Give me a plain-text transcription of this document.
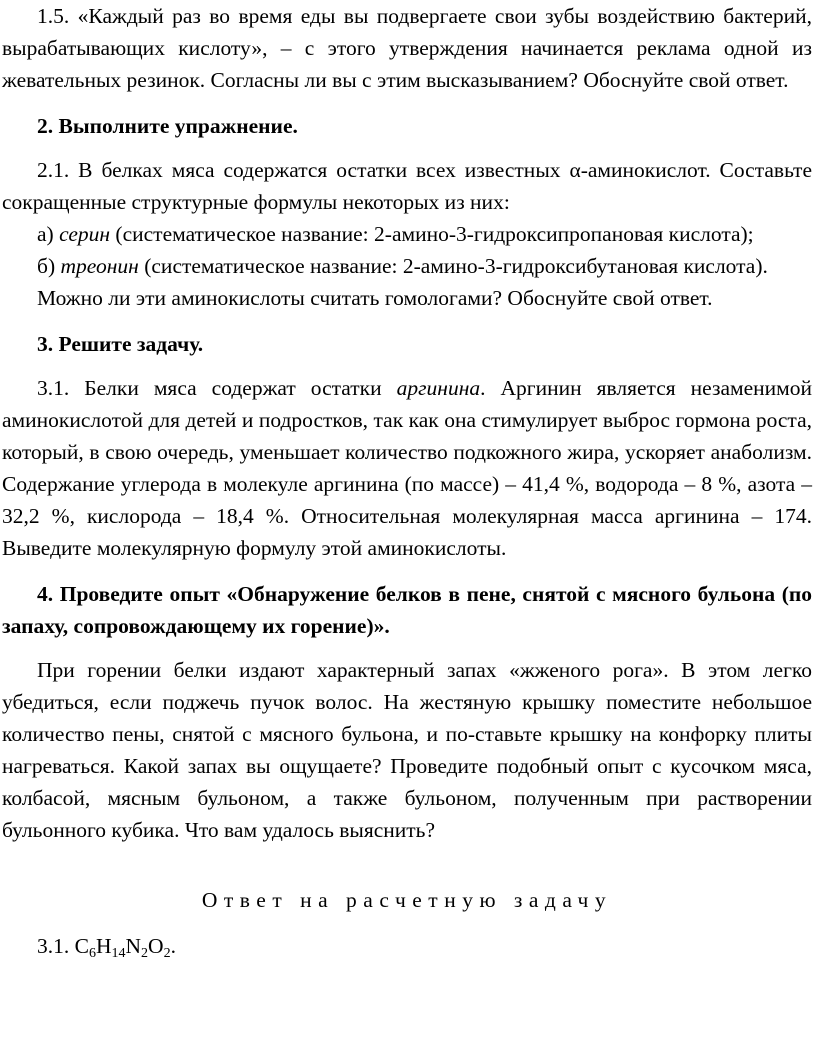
1.5. «Каждый раз во время еды вы подвергаете свои зубы воздействию бактерий, вырабатывающих кислоту», – с этого утверждения начинается реклама одной из жевательных резинок. Согласны ли вы с этим высказыванием? Обоснуйте свой ответ.

2. Выполните упражнение.

2.1. В белках мяса содержатся остатки всех известных α-аминокислот. Составьте сокращенные структурные формулы некоторых из них:

а) серин (систематическое название: 2-амино-3-гидроксипропановая кислота);

б) треонин (систематическое название: 2-амино-3-гидроксибутановая кислота).

Можно ли эти аминокислоты считать гомологами? Обоснуйте свой ответ.

3. Решите задачу.

3.1. Белки мяса содержат остатки аргинина. Аргинин является незаменимой аминокислотой для детей и подростков, так как она стимулирует выброс гормона роста, который, в свою очередь, уменьшает количество подкожного жира, ускоряет анаболизм. Содержание углерода в молекуле аргинина (по массе) – 41,4 %, водорода – 8 %, азота – 32,2 %, кислорода – 18,4 %. Относительная молекулярная масса аргинина – 174. Выведите молекулярную формулу этой аминокислоты.

4. Проведите опыт «Обнаружение белков в пене, снятой с мясного бульона (по запаху, сопровождающему их горение)».

При горении белки издают характерный запах «жженого рога». В этом легко убедиться, если поджечь пучок волос. На жестяную крышку поместите небольшое количество пены, снятой с мясного бульона, и по-ставьте крышку на конфорку плиты нагреваться. Какой запах вы ощущаете? Проведите подобный опыт с кусочком мяса, колбасой, мясным бульоном, а также бульоном, полученным при растворении бульонного кубика. Что вам удалось выяснить?

Ответ на расчетную задачу

3.1. $C_6H_{14}N_2O_2$.
